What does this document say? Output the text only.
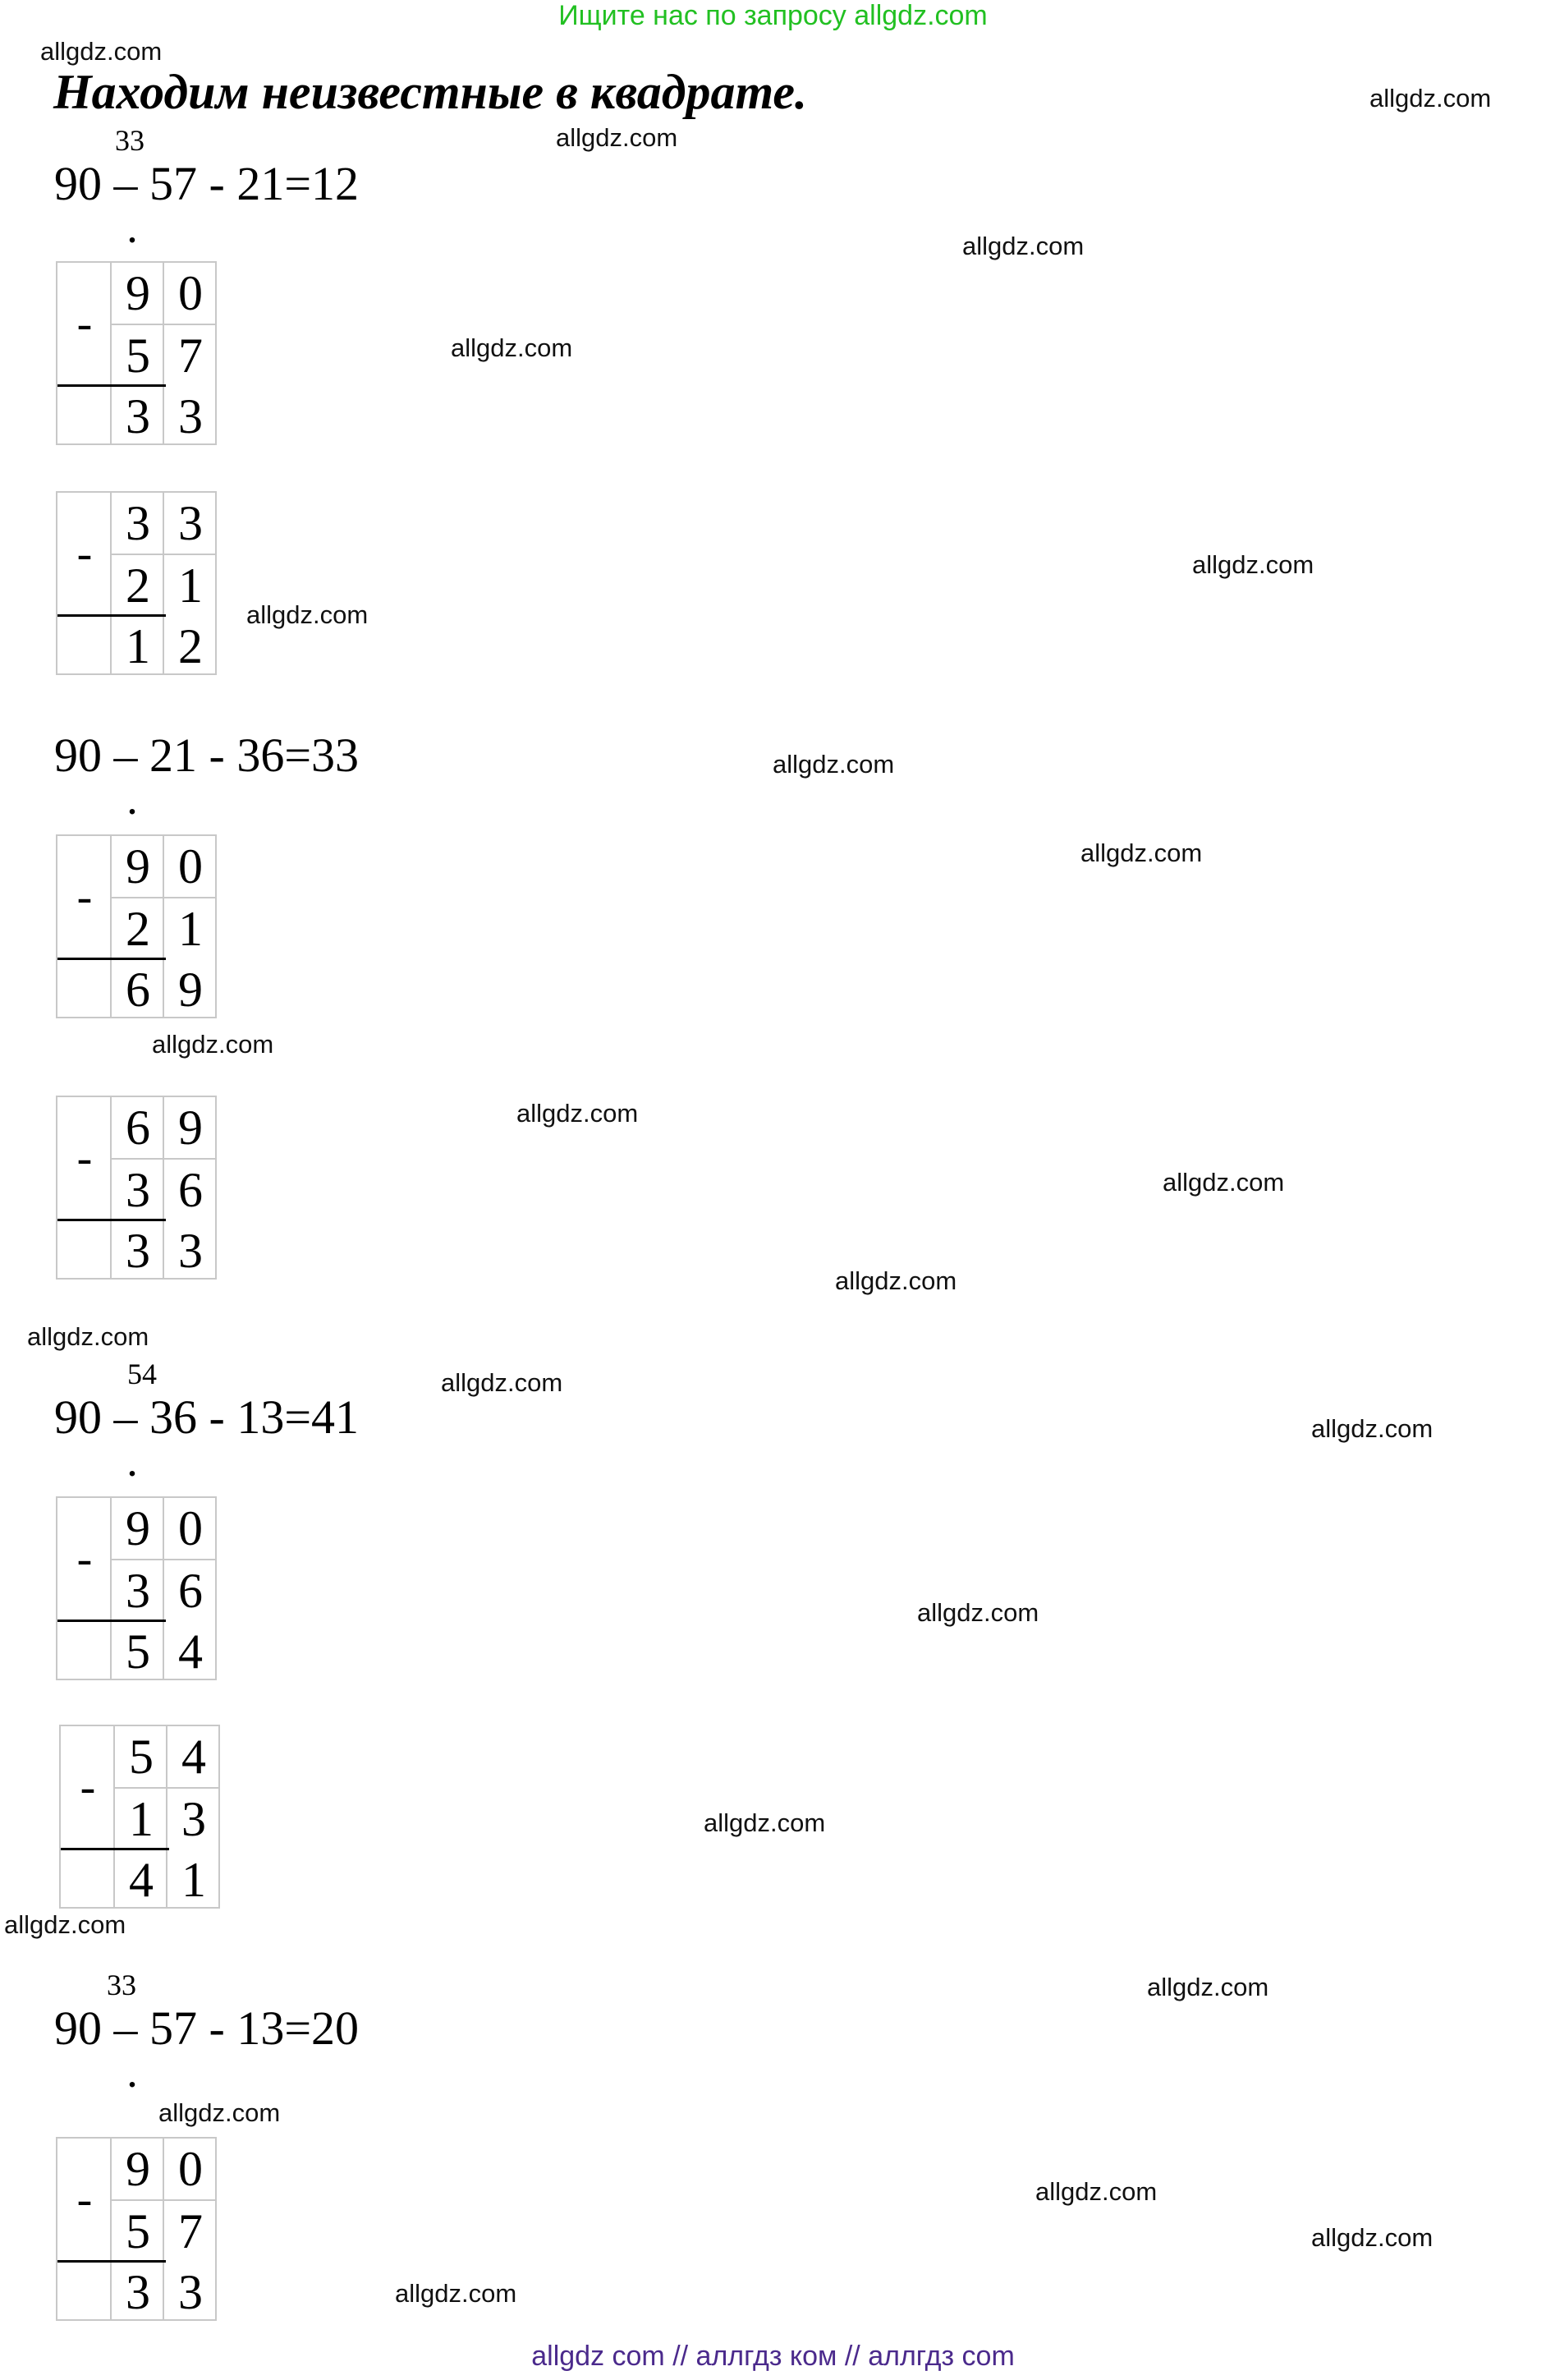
Ищите нас по запросу allgdz.com
Находим неизвестные в квадрате.
allgdz.com
allgdz.com
allgdz.com
allgdz.com
allgdz.com
allgdz.com
allgdz.com
allgdz.com
allgdz.com
allgdz.com
allgdz.com
allgdz.com
allgdz.com
allgdz.com
allgdz.com
allgdz.com
allgdz.com
allgdz.com
allgdz.com
allgdz.com
allgdz.com
allgdz.com
allgdz.com
allgdz.com
33
90 – 57 - 21=12
.
-
9 0
5 7
3 3
-
3 3
2 1
1 2
90 – 21 - 36=33
.
-
9 0
2 1
6 9
-
6 9
3 6
3 3
54
90 – 36 - 13=41
.
-
9 0
3 6
5 4
-
5 4
1 3
4 1
33
90 – 57 - 13=20
.
-
9 0
5 7
3 3
allgdz com // аллгдз ком // аллгдз com
